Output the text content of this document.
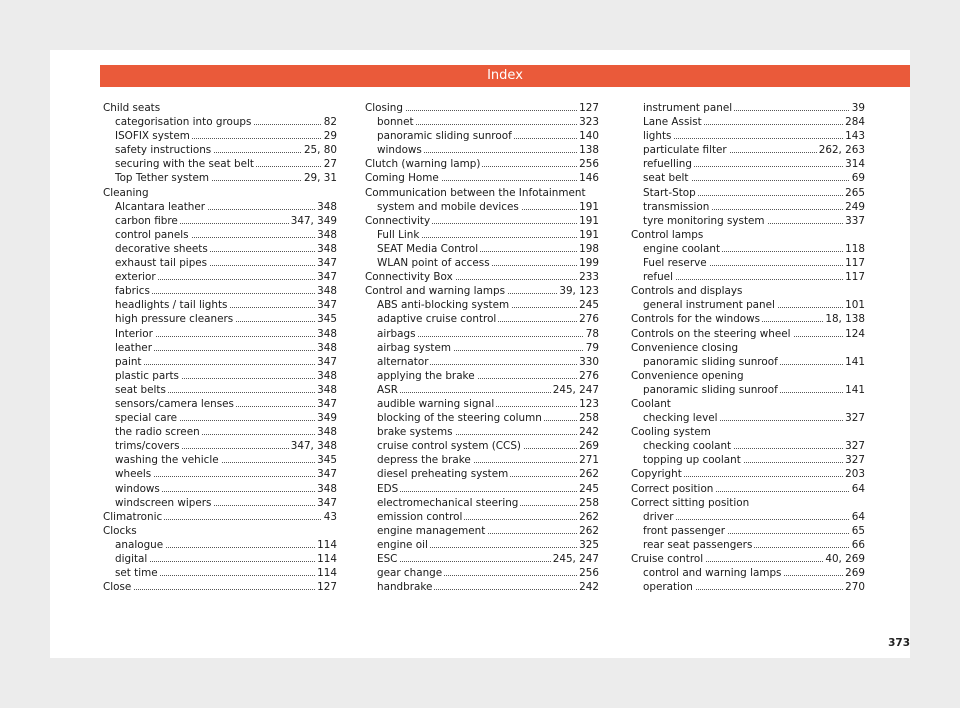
Index
Child seats
categorisation into groups	82
ISOFIX system	29
safety instructions	25, 80
securing with the seat belt	27
Top Tether system	29, 31
Cleaning
Alcantara leather	348
carbon fibre	347, 349
control panels	348
decorative sheets	348
exhaust tail pipes	347
exterior	347
fabrics	348
headlights / tail lights	347
high pressure cleaners	345
Interior	348
leather	348
paint	347
plastic parts	348
seat belts	348
sensors/camera lenses	347
special care	349
the radio screen	348
trims/covers	347, 348
washing the vehicle	345
wheels	347
windows	348
windscreen wipers	347
Climatronic	43
Clocks
analogue	114
digital	114
set time	114
Close	127
Closing	127
bonnet	323
panoramic sliding sunroof	140
windows	138
Clutch (warning lamp)	256
Coming Home	146
Communication between the Infotainment
system and mobile devices	191
Connectivity	191
Full Link	191
SEAT Media Control	198
WLAN point of access	199
Connectivity Box	233
Control and warning lamps	39, 123
ABS anti-blocking system	245
adaptive cruise control	276
airbags	78
airbag system	79
alternator	330
applying the brake	276
ASR	245, 247
audible warning signal	123
blocking of the steering column	258
brake systems	242
cruise control system (CCS)	269
depress the brake	271
diesel preheating system	262
EDS	245
electromechanical steering	258
emission control	262
engine management	262
engine oil	325
ESC	245, 247
gear change	256
handbrake	242
instrument panel	39
Lane Assist	284
lights	143
particulate filter	262, 263
refuelling	314
seat belt	69
Start-Stop	265
transmission	249
tyre monitoring system	337
Control lamps
engine coolant	118
Fuel reserve	117
refuel	117
Controls and displays
general instrument panel	101
Controls for the windows	18, 138
Controls on the steering wheel	124
Convenience closing
panoramic sliding sunroof	141
Convenience opening
panoramic sliding sunroof	141
Coolant
checking level	327
Cooling system
checking coolant	327
topping up coolant	327
Copyright	203
Correct position	64
Correct sitting position
driver	64
front passenger	65
rear seat passengers	66
Cruise control	40, 269
control and warning lamps	269
operation	270
373
